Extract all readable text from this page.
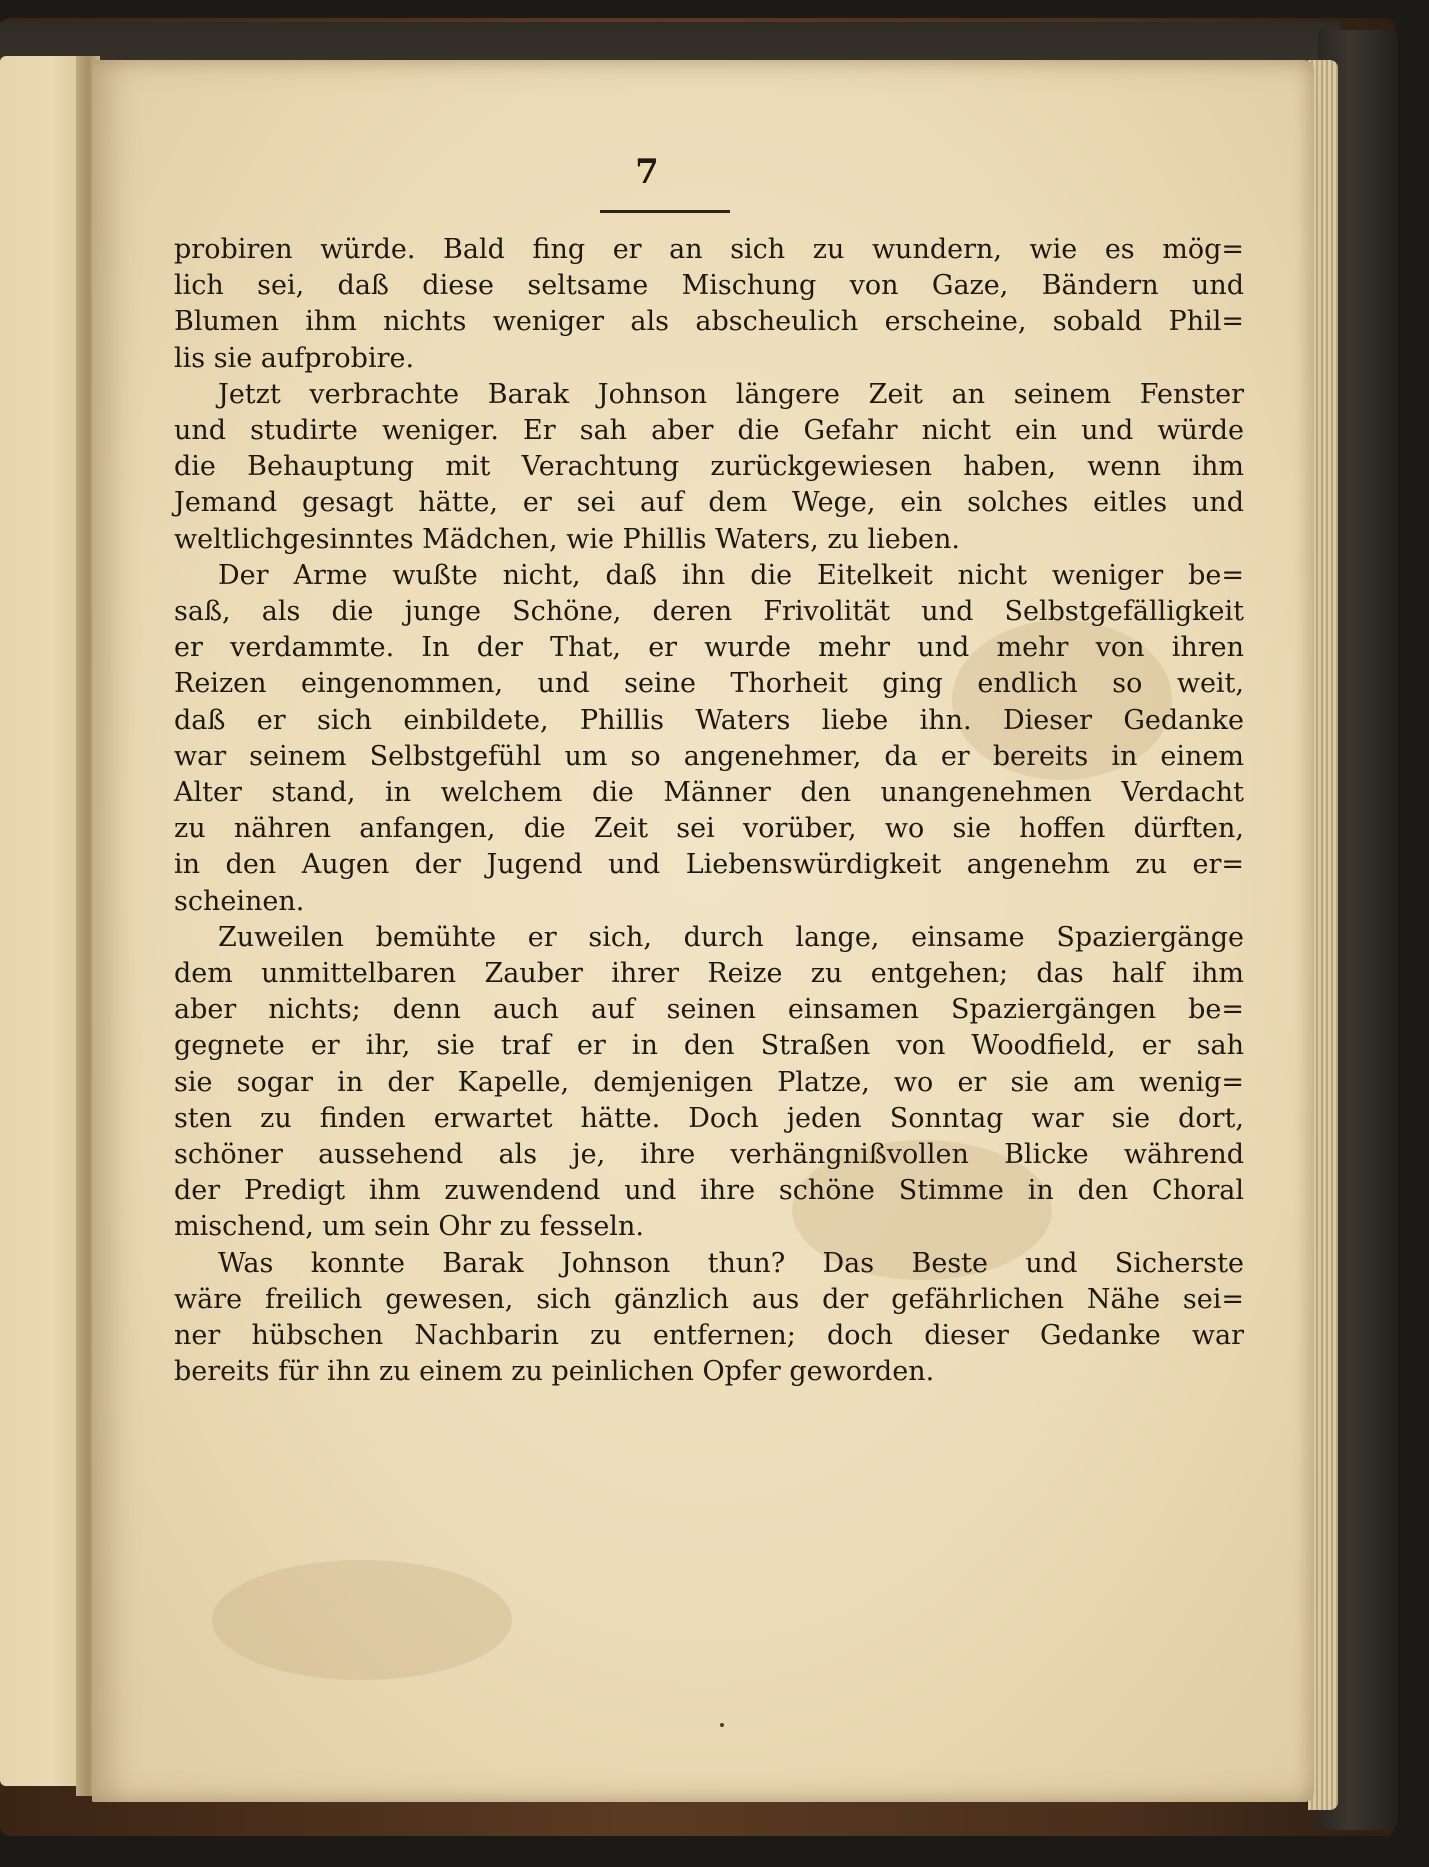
7
probiren würde. Bald fing er an sich zu wundern, wie es mög=
lich sei, daß diese seltsame Mischung von Gaze, Bändern und
Blumen ihm nichts weniger als abscheulich erscheine, sobald Phil=
lis sie aufprobire.
Jetzt verbrachte Barak Johnson längere Zeit an seinem Fenster
und studirte weniger. Er sah aber die Gefahr nicht ein und würde
die Behauptung mit Verachtung zurückgewiesen haben, wenn ihm
Jemand gesagt hätte, er sei auf dem Wege, ein solches eitles und
weltlichgesinntes Mädchen, wie Phillis Waters, zu lieben.
Der Arme wußte nicht, daß ihn die Eitelkeit nicht weniger be=
saß, als die junge Schöne, deren Frivolität und Selbstgefälligkeit
er verdammte. In der That, er wurde mehr und mehr von ihren
Reizen eingenommen, und seine Thorheit ging endlich so weit,
daß er sich einbildete, Phillis Waters liebe ihn. Dieser Gedanke
war seinem Selbstgefühl um so angenehmer, da er bereits in einem
Alter stand, in welchem die Männer den unangenehmen Verdacht
zu nähren anfangen, die Zeit sei vorüber, wo sie hoffen dürften,
in den Augen der Jugend und Liebenswürdigkeit angenehm zu er=
scheinen.
Zuweilen bemühte er sich, durch lange, einsame Spaziergänge
dem unmittelbaren Zauber ihrer Reize zu entgehen; das half ihm
aber nichts; denn auch auf seinen einsamen Spaziergängen be=
gegnete er ihr, sie traf er in den Straßen von Woodfield, er sah
sie sogar in der Kapelle, demjenigen Platze, wo er sie am wenig=
sten zu finden erwartet hätte. Doch jeden Sonntag war sie dort,
schöner aussehend als je, ihre verhängnißvollen Blicke während
der Predigt ihm zuwendend und ihre schöne Stimme in den Choral
mischend, um sein Ohr zu fesseln.
Was konnte Barak Johnson thun? Das Beste und Sicherste
wäre freilich gewesen, sich gänzlich aus der gefährlichen Nähe sei=
ner hübschen Nachbarin zu entfernen; doch dieser Gedanke war
bereits für ihn zu einem zu peinlichen Opfer geworden.
